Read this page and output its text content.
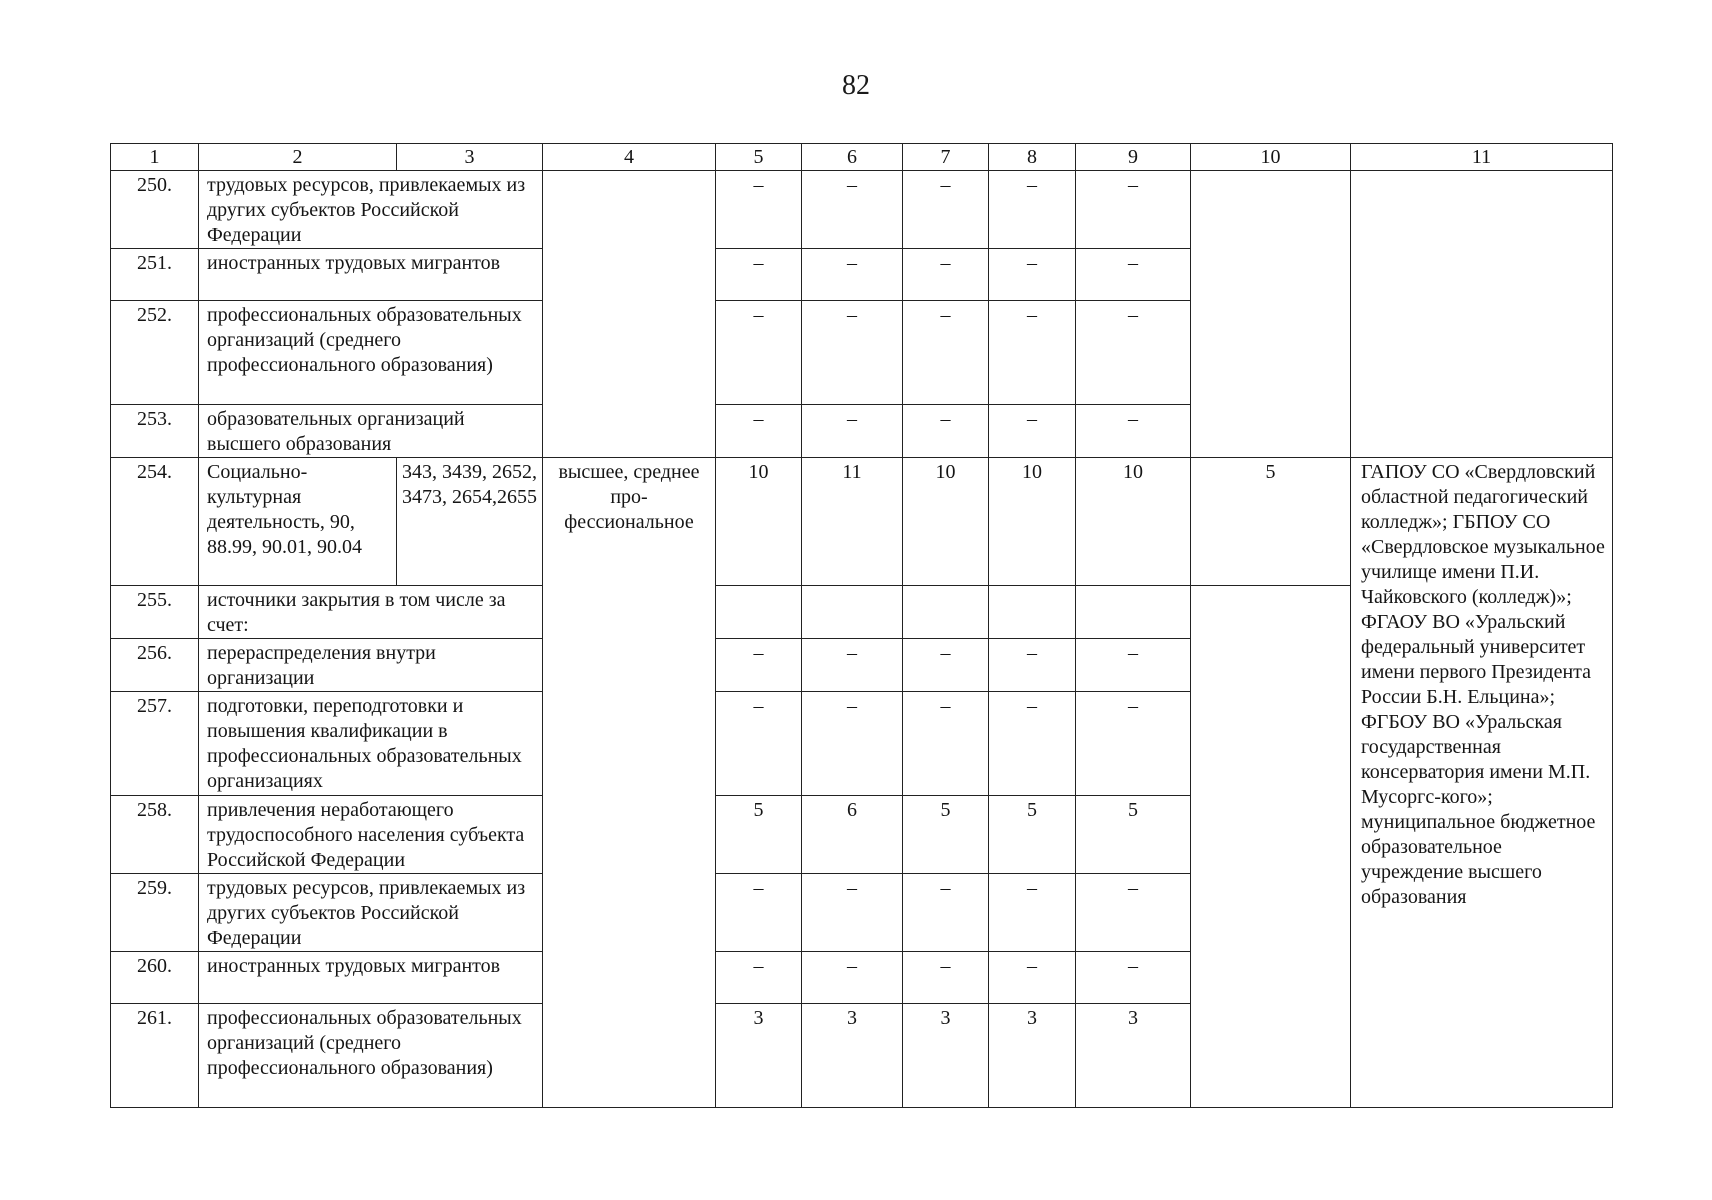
82
1	2	3	4	5	6	7	8	9	10	11
250.	трудовых ресурсов, привлекаемых из других субъектов Российской Федерации			–	–	–	–	–		
251.	иностранных трудовых мигрантов			–	–	–	–	–		
252.	профессиональных образовательных организаций (среднего профессионального образования)			–	–	–	–	–		
253.	образовательных организаций высшего образования			–	–	–	–	–		
254.	Социально-культурная деятельность, 90, 88.99, 90.01, 90.04	343, 3439, 2652, 3473, 2654,2655	высшее, среднее про-фессиональное	10	11	10	10	10	5	ГАПОУ СО «Свердловский областной педагогический колледж»; ГБПОУ СО «Свердловское музыкальное училище имени П.И. Чайковского (колледж)»; ФГАОУ ВО «Уральский федеральный университет имени первого Президента России Б.Н. Ельцина»; ФГБОУ ВО «Уральская государственная консерватория имени М.П. Мусоргс-кого»; муниципальное бюджетное образовательное учреждение высшего образования
255.	источники закрытия в том числе за счет:									
256.	перераспределения внутри организации			–	–	–	–	–		
257.	подготовки, переподготовки и повышения квалификации в профессиональных образовательных организациях			–	–	–	–	–		
258.	привлечения неработающего трудоспособного населения субъекта Российской Федерации			5	6	5	5	5		
259.	трудовых ресурсов, привлекаемых из других субъектов Российской Федерации			–	–	–	–	–		
260.	иностранных трудовых мигрантов			–	–	–	–	–		
261.	профессиональных образовательных организаций (среднего профессионального образования)			3	3	3	3	3		
